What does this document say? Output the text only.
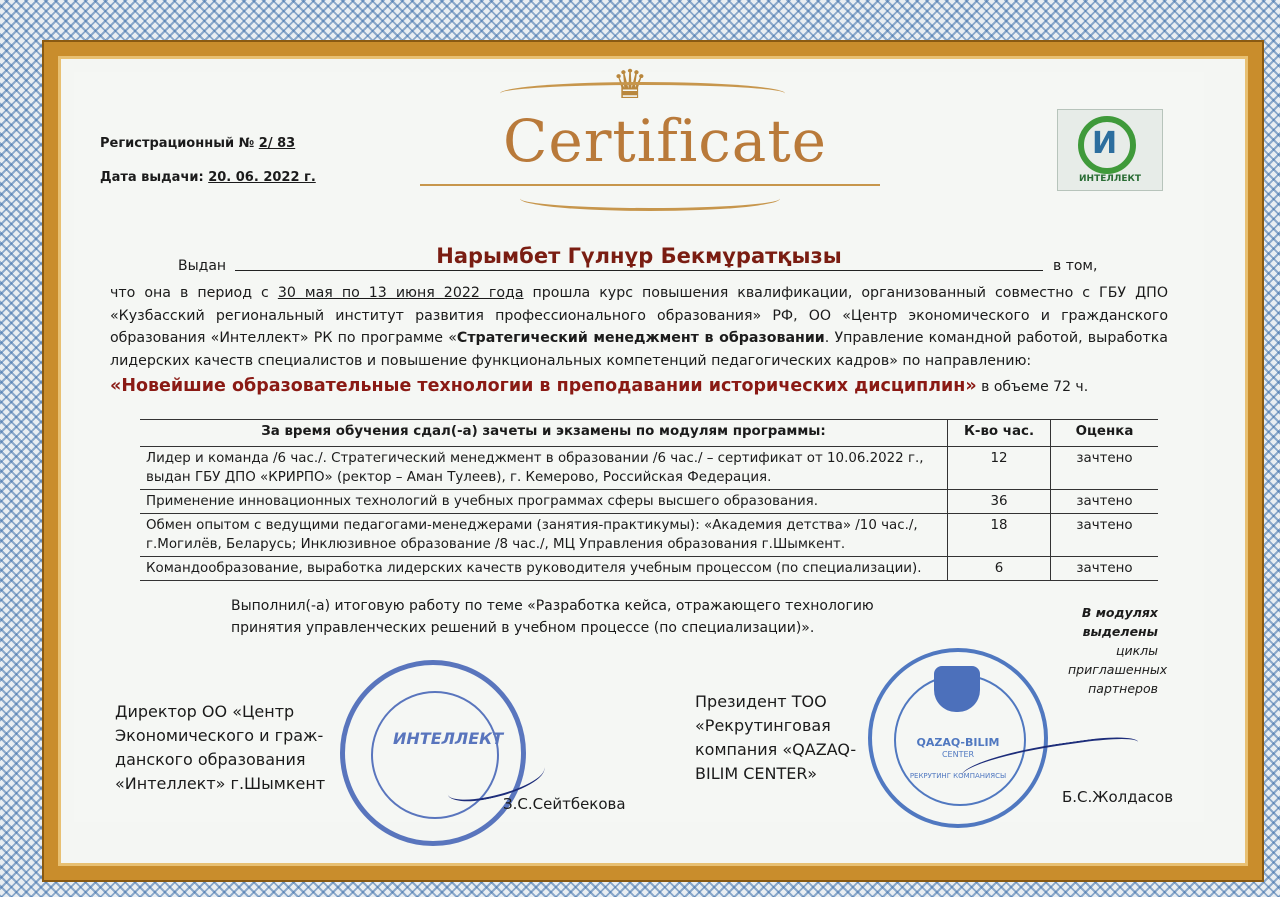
♛
Certificate
Регистрационный № 2/ 83
Дата выдачи: 20. 06. 2022 г.
И
ИНТЕЛЛЕКТ
Выдан	Нарымбет Гүлнұр Бекмұратқызы	в том,
что она в период с 30 мая по 13 июня 2022 года прошла курс повышения квалификации, организованный совместно с ГБУ ДПО «Кузбасский региональный институт развития профессионального образования» РФ, ОО «Центр экономического и гражданского образования «Интеллект» РК по программе «Стратегический менеджмент в образовании. Управление командной работой, выработка лидерских качеств специалистов и повышение функциональных компетенций педагогических кадров» по направлению:
«Новейшие образовательные технологии в преподавании исторических дисциплин» в объеме 72 ч.
За время обучения сдал(-а) зачеты и экзамены по модулям программы:	К-во час.	Оценка
Лидер и команда /6 час./. Стратегический менеджмент в образовании /6 час./ – сертификат от 10.06.2022 г., выдан ГБУ ДПО «КРИРПО» (ректор – Аман Тулеев), г. Кемерово, Российская Федерация.	12	зачтено
Применение инновационных технологий в учебных программах сферы высшего образования.	36	зачтено
Обмен опытом с ведущими педагогами-менеджерами (занятия-практикумы): «Академия детства» /10 час./, г.Могилёв, Беларусь; Инклюзивное образование /8 час./, МЦ Управления образования г.Шымкент.	18	зачтено
Командообразование, выработка лидерских качеств руководителя учебным процессом (по специализации).	6	зачтено
Выполнил(-а) итоговую работу по теме «Разработка кейса, отражающего технологию
принятия управленческих решений в учебном процессе (по специализации)».
В модулях выделены
циклы приглашенных партнеров
ИНТЕЛЛЕКТ	QAZAQ-BILIM
CENTER
РЕКРУТИНГ КОМПАНИЯСЫ
Директор ОО «Центр
Экономического и граж-
данского образования
«Интеллект» г.Шымкент
З.С.Сейтбекова
Президент ТОО
«Рекрутинговая
компания «QAZAQ-
BILIM CENTER»
Б.С.Жолдасов
